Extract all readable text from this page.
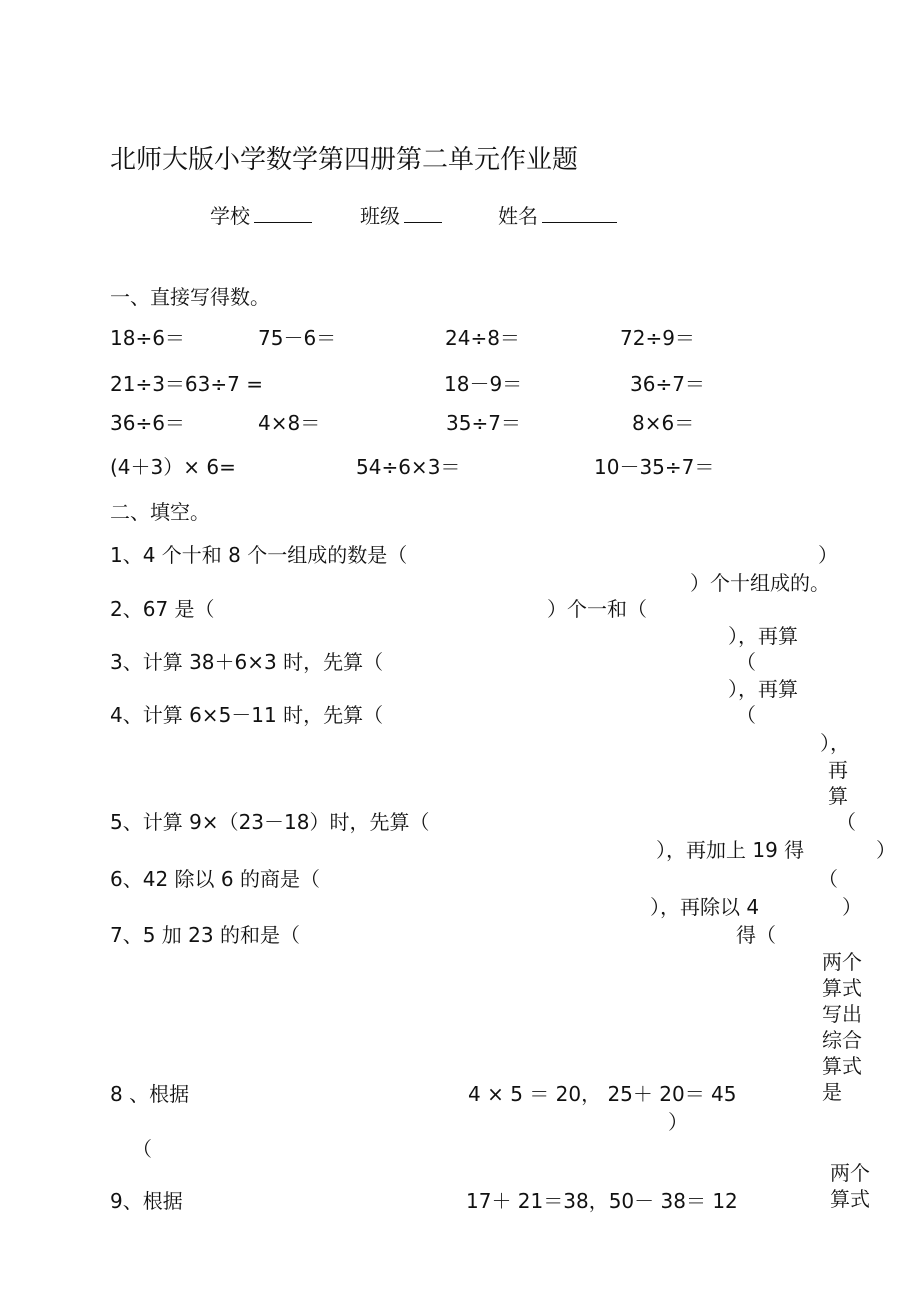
北师大版小学数学第四册第二单元作业题
学校	班级	姓名
一、直接写得数。
18÷6＝	75－6＝	24÷8＝	72÷9＝
21÷3＝63÷7 =	18－9＝	36÷7＝
36÷6＝	4×8＝	35÷7＝	8×6＝
(4＋3）× 6=	54÷6×3＝	10－35÷7＝
二、填空。
1、4 个十和 8 个一组成的数是（	）
）个十组成的。
2、67 是（	）个一和（
），再算
3、计算 38＋6×3 时，先算（	（
），再算
4、计算 6×5－11 时，先算（	（
），
再算
5、计算 9×（23－18）时，先算（	（
），再加上 19 得	）
6、42 除以 6 的商是（	（
），再除以 4	）
7、5 加 23 的和是（	得（
两个算式写出综合算式是
8 、根据	4 × 5 ＝ 20， 25＋ 20＝ 45
）
（
两个算式
9、根据	17＋ 21＝38，50－ 38＝ 12
